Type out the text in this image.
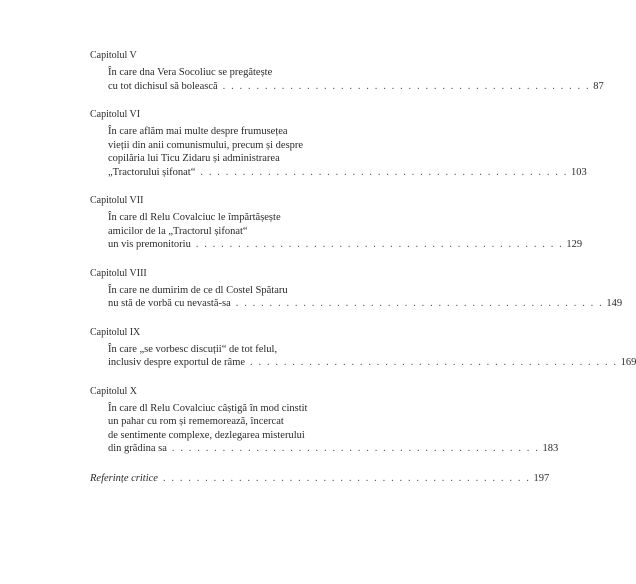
Capitolul V
În care dna Vera Socoliuc se pregătește
cu tot dichisul să bolească . . . . . . . . . . . . . . . . . . . . . . . . . . . . . . . . . . . . . . . . . . . . 87
Capitolul VI
În care aflăm mai multe despre frumusețea
vieții din anii comunismului, precum și despre
copilăria lui Ticu Zidaru și administrarea
„Tractorului șifonat“ . . . . . . . . . . . . . . . . . . . . . . . . . . . . . . . . . . . . . . . . . . . . 103
Capitolul VII
În care dl Relu Covalciuc le împărtășește
amicilor de la „Tractorul șifonat“
un vis premonitoriu . . . . . . . . . . . . . . . . . . . . . . . . . . . . . . . . . . . . . . . . . . . . 129
Capitolul VIII
În care ne dumirim de ce dl Costel Spătaru
nu stă de vorbă cu nevastă-sa . . . . . . . . . . . . . . . . . . . . . . . . . . . . . . . . . . . . . . . . . . . . 149
Capitolul IX
În care „se vorbesc discuții“ de tot felul,
inclusiv despre exportul de râme . . . . . . . . . . . . . . . . . . . . . . . . . . . . . . . . . . . . . . . . . . . . 169
Capitolul X
În care dl Relu Covalciuc câștigă în mod cinstit
un pahar cu rom și rememorează, încercat
de sentimente complexe, dezlegarea misterului
din grădina sa . . . . . . . . . . . . . . . . . . . . . . . . . . . . . . . . . . . . . . . . . . . . 183
Referințe critice . . . . . . . . . . . . . . . . . . . . . . . . . . . . . . . . . . . . . . . . . . . . 197
